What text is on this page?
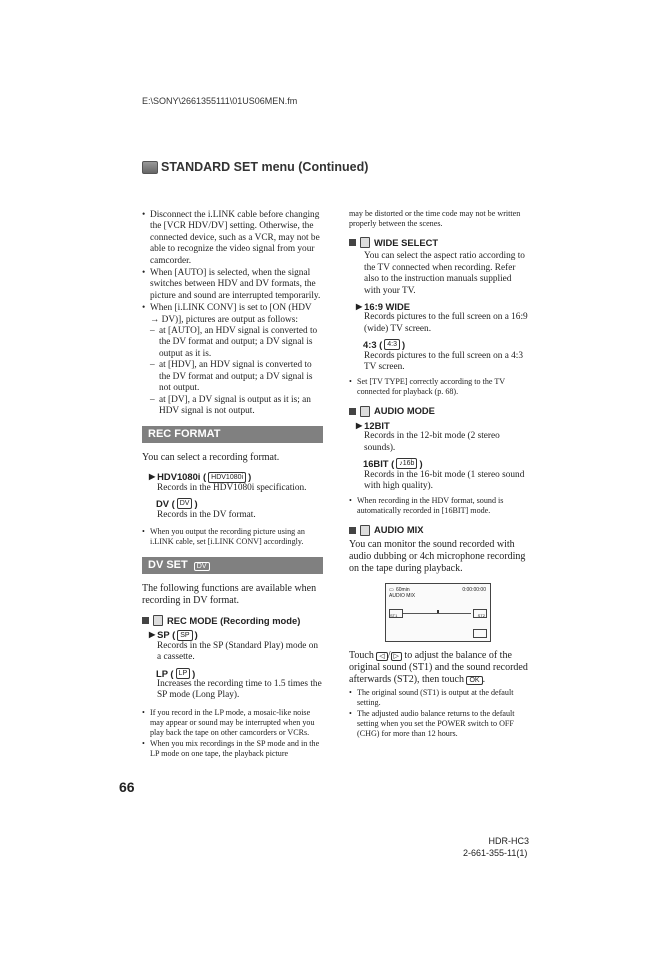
E:\SONY\2661355111\01US06MEN.fm
STANDARD SET menu (Continued)
• Disconnect the i.LINK cable before changing the [VCR HDV/DV] setting. Otherwise, the connected device, such as a VCR, may not be able to recognize the video signal from your camcorder.
• When [AUTO] is selected, when the signal switches between HDV and DV formats, the picture and sound are interrupted temporarily.
• When [i.LINK CONV] is set to [ON (HDV → DV)], pictures are output as follows:
– at [AUTO], an HDV signal is converted to the DV format and output; a DV signal is output as it is.
– at [HDV], an HDV signal is converted to the DV format and output; a DV signal is not output.
– at [DV], a DV signal is output as it is; an HDV signal is not output.
REC FORMAT
You can select a recording format.
▶ HDV1080i ( HDV1080i )
Records in the HDV1080i specification.
DV ( DV )
Records in the DV format.
• When you output the recording picture using an i.LINK cable, set [i.LINK CONV] accordingly.
DV SET DV
The following functions are available when recording in DV format.
REC MODE (Recording mode)
▶ SP ( SP )
Records in the SP (Standard Play) mode on a cassette.
LP ( LP )
Increases the recording time to 1.5 times the SP mode (Long Play).
• If you record in the LP mode, a mosaic-like noise may appear or sound may be interrupted when you play back the tape on other camcorders or VCRs.
• When you mix recordings in the SP mode and in the LP mode on one tape, the playback picture
may be distorted or the time code may not be written properly between the scenes.
WIDE SELECT
You can select the aspect ratio according to the TV connected when recording. Refer also to the instruction manuals supplied with your TV.
▶ 16:9 WIDE
Records pictures to the full screen on a 16:9 (wide) TV screen.
4:3 ( 4:3 )
Records pictures to the full screen on a 4:3 TV screen.
• Set [TV TYPE] correctly according to the TV connected for playback (p. 68).
AUDIO MODE
▶ 12BIT
Records in the 12-bit mode (2 stereo sounds).
16BIT ( ♪16b )
Records in the 16-bit mode (1 stereo sound with high quality).
• When recording in the HDV format, sound is automatically recorded in [16BIT] mode.
AUDIO MIX
You can monitor the sound recorded with audio dubbing or 4ch microphone recording on the tape during playback.
▭ 60min	0:00:00:00
AUDIO MIX
ST1	ST2
Touch ◁ / ▷ to adjust the balance of the original sound (ST1) and the sound recorded afterwards (ST2), then touch OK .
• The original sound (ST1) is output at the default setting.
• The adjusted audio balance returns to the default setting when you set the POWER switch to OFF (CHG) for more than 12 hours.
66
HDR-HC3
2-661-355-11(1)
